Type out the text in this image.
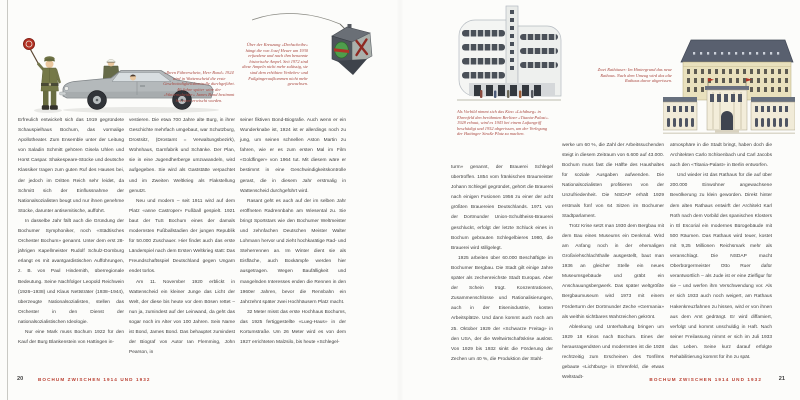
«Ihren Führerschein, Herr Bond» 1924 wird in Wattenscheid die erste Geschwindigkeitskontrolle durchgeführt. 40 Jahre später wäre der «Wattenscheider» James Bond bestimmt bei einer erwischt worden.
Über der Kreuzung «Drehscheibe» hängt die von Josef Heuer um 1930 erfundene und nach ihm benannte historische Ampel. Seit 1972 sind diese Ampeln nicht mehr zulässig, sie sind dem erhöhten Verkehrs- und Fußgängeraufkommen nicht mehr gewachsen.

Erfreulich entwickelt sich das 1919 gegründete Schauspielhaus Bochum, das vormalige Apollotheater. Zum Ensemble unter der Leitung von Saladin Schmitt gehören Gisela Uhlen und Horst Caspar. Shakespeare-Stücke und deutsche Klassiker tragen zum guten Ruf des Hauses bei, der jedoch im Dritten Reich sehr leidet, da Schmitt sich der Einflussnahme der Nationalsozialisten beugt und nur ihnen genehme Stücke, darunter antisemitische, aufführt.

In dasselbe Jahr fällt auch die Gründung der Bochumer Symphoniker, noch «Städtisches Orchester Bochum» genannt. Unter dem erst 28-jährigen Kapellmeister Rudolf Schulz-Dornburg erlangt es mit avantgardistischen Aufführungen, z. B. von Paul Hindemith, überregionale Bedeutung. Seine Nachfolger Leopold Reichwein (1926–1938) und Klaus Nettsträter (1938–1944), überzeugte Nationalsozialisten, stellen das Orchester in den Dienst der nationalsozialistischen Ideologie.

Nur eine Mark muss Bochum 1922 für den Kauf der Burg Blankenstein von Hattingen in-

vestieren. Die etwa 700 Jahre alte Burg, in ihrer Geschichte mehrfach umgebaut, war Schutzburg, Drostsitz, (Drostamt = Verwaltungsbezirk), Wohnhaus, Garnfabrik und Schänke. Der Plan, sie in eine Jugendherberge umzuwandeln, wird aufgegeben. Sie wird als Gaststätte verpachtet und im Zweiten Weltkrieg als Flakstellung genutzt.

Neu und modern – seit 1911 wird auf dem Platz «anne Castroper» Fußball gespielt. 1921 baut der TuS Bochum eines der damals modernsten Fußballstadien der jungen Republik für 50.000 Zuschauer. Hier findet auch das erste Länderspiel nach dem Ersten Weltkrieg statt: Das Freundschaftsspiel Deutschland gegen Ungarn endet torlos.

Am 11. November 1920 erblickt in Wattenscheid ein kleiner Junge das Licht der Welt, der diese bis heute vor dem Bösen rettet – nun ja, zumindest auf der Leinwand, da geht das sogar noch im Alter von 100 Jahren. Sein Name ist Bond, James Bond. Das behauptet zumindest der Biograf von Autor Ian Flemming, John Pearson, in

seiner fiktiven Bond-Biografie. Auch wenn er ein Wunderknabe ist, 1924 ist er allerdings noch zu jung, um seinen schnellen Aston Martin zu fahren, wie er es zum ersten Mal im Film «Goldfinger» von 1964 tut. Mit diesem wäre er bestimmt in eine Geschwindigkeitskontrolle gerast, die in diesem Jahr erstmalig in Wattenscheid durchgeführt wird.

Rasant geht es auch auf der im selben Jahr eröffneten Radrennbahn am Wiesental zu. Sie bringt Sportstars wie den Bochumer Weltmeister und zehnfachen Deutschen Meister Walter Lohmann hervor und zieht hochkarätige Rad- und Steherrennen an. Im Winter dient sie als Eisfläche, auch Boxkämpfe werden hier ausgetragen. Wegen Baufälligkeit und mangelnden Interesses enden die Rennen in den 1960er Jahren, bevor die Rennbahn ein Jahrzehnt später zwei Hochhäusern Platz macht.

32 Meter misst das erste Hochhaus Bochums, das 1925 fertiggestellte «Lueg-Haus» in der Kortumstraße. Um 26 Meter wird es von dem 1927 errichteten Malzsilo, bis heute «Schlegel-

20	BOCHUM ZWISCHEN 1914 UND 1932
Als Vorbild nimmt sich das Kino «Lichtburg» in Ehrenfeld den berühmten Berliner «Titania-Palast». 1928 erbaut, wird es 1943 bei einem Luftangriff beschädigt und 1952 abgerissen, um der Verlegung der Hattinger Straße Platz zu machen.
Zwei Rathäuser: Im Hintergrund das neue Rathaus. Nach dem Umzug wird das alte Rathaus davor abgerissen.

turm» genannt, der Brauerei Schlegel übertroffen. 1854 vom fränkischen Braumeister Johann Schlegel gegründet, gehört die Brauerei nach einigen Fusionen 1956 zu einer der acht größten Brauereien Deutschlands. 1971 von der Dortmunder Union-Schultheiss-Brauerei geschluckt, erfolgt der letzte Schluck eines in Bochum gebrauten Schlegelbieres 1980, die Brauerei wird stillgelegt.

1925 arbeiten über 60.000 Beschäftigte im Bochumer Bergbau. Die Stadt gilt einige Jahre später als zechenreichste Stadt Europas. Aber der Schein trügt. Konzentrationen, Zusammenschlüsse und Rationalisierungen, auch in der Eisenindustrie, kosten Arbeitsplätze. Und dann kommt auch noch am 25. Oktober 1929 der «Schwarze Freitag» in den USA, der die Weltwirtschaftskrise auslöst. Von 1929 bis 1932 sinkt die Förderung der Zechen um 40 %, die Produktion der Stahl-

werke um 60 %, die Zahl der Arbeitssuchenden steigt in diesem Zeitraum von 6.600 auf 43.000. Bochum muss fast die Hälfte des Haushaltes für soziale Ausgaben aufwenden. Die Nationalsozialisten profitieren von der Unzufriedenheit. Die NSDAP erhält 1929 erstmals fünf von 64 Sitzen im Bochumer Stadtparlament.

Trotz Krise setzt man 1930 dem Bergbau mit dem Bau eines Museums ein Denkmal. Wird am Anfang noch in der ehemaligen Großviehschlachthalle ausgestellt, baut man 1936 an gleicher Stelle ein neues Museumsgebäude und gräbt ein Anschauungsbergwerk. Das später weltgrößte Bergbaumuseum wird 1973 mit einem Förderturm der Dortmunder Zeche «Germania» als weithin sichtbares Wahrzeichen gekrönt.

Ablenkung und Unterhaltung bringen um 1929 18 Kinos nach Bochum. Eines der herausragendsten und modernsten ist die 1928 rechtzeitig zum Erscheinen des Tonfilms gebaute «Lichtburg» in Ehrenfeld, die etwas Weltstadt-

atmosphäre in die Stadt bringt, haben doch die Architekten Carlo Schloenbach und Carl Jacobs auch den «Titania-Palast» in Berlin entworfen.

Und wieder ist das Rathaus für die auf über 200.000 Einwohner angewachsene Bevölkerung zu klein geworden. Direkt hinter dem alten Rathaus entwirft der Architekt Karl Roth nach dem Vorbild des spanischen Klosters in El Escorial ein modernes Bürogebäude mit 500 Räumen. Das Rathaus wird teuer, kostet mit 9,25 Millionen Reichsmark mehr als veranschlagt. Die NSDAP macht Oberbürgermeister Otto Ruer dafür verantwortlich – als Jude ist er eine Zielfigur für sie – und werfen ihm Verschwendung vor. Als er sich 1933 auch noch weigert, am Rathaus Hakenkreuzfahnen zu hissen, wird er von ihnen aus dem Amt gedrängt. Er wird diffamiert, verfolgt und kommt unschuldig in Haft. Nach seiner Freilassung nimmt er sich im Juli 1933 das Leben. Seine kurz darauf erfolgte Rehabilitierung kommt für ihn zu spät.

BOCHUM ZWISCHEN 1914 UND 1932	21
